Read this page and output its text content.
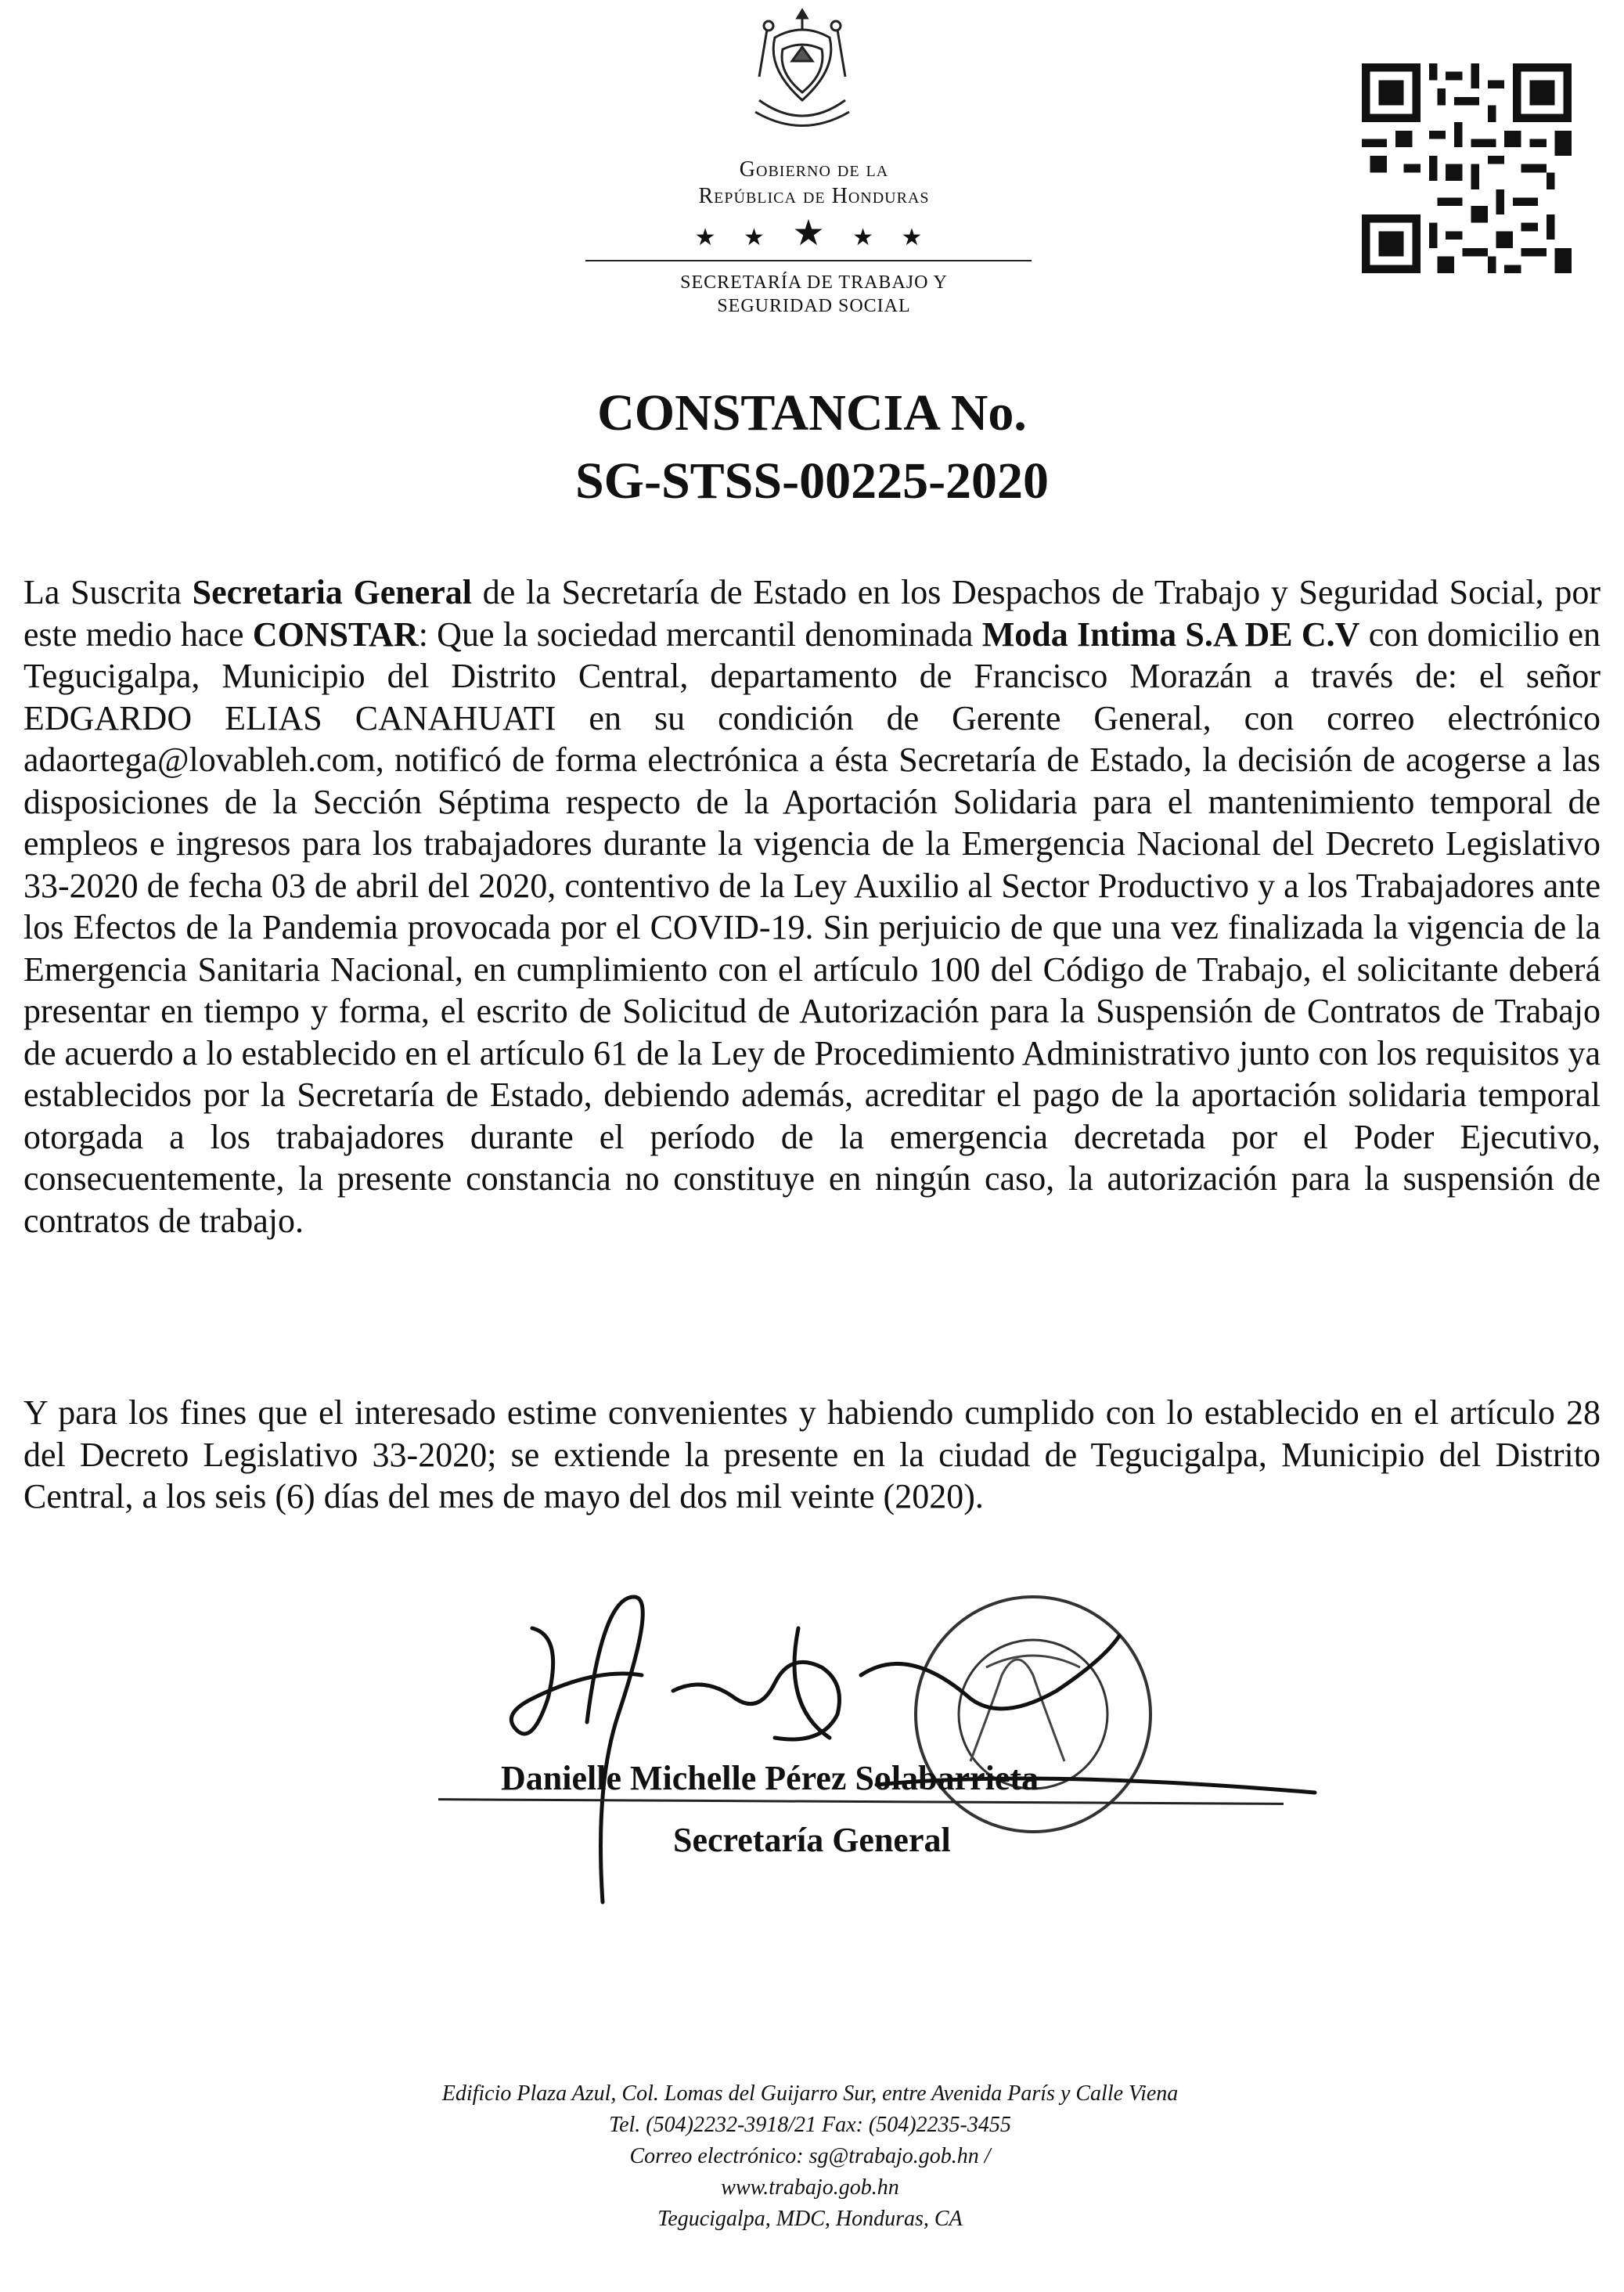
Gobierno de la
República de Honduras
★ ★ ★ ★ ★
SECRETARÍA DE TRABAJO Y
SEGURIDAD SOCIAL
CONSTANCIA No.
SG-STSS-00225-2020

La Suscrita Secretaria General de la Secretaría de Estado en los Despachos de Trabajo y Seguridad Social, por este medio hace CONSTAR: Que la sociedad mercantil denominada Moda Intima S.A DE C.V con domicilio en Tegucigalpa, Municipio del Distrito Central, departamento de Francisco Morazán a través de: el señor EDGARDO ELIAS CANAHUATI en su condición de Gerente General, con correo electrónico adaortega@lovableh.com, notificó de forma electrónica a ésta Secretaría de Estado, la decisión de acogerse a las disposiciones de la Sección Séptima respecto de la Aportación Solidaria para el mantenimiento temporal de empleos e ingresos para los trabajadores durante la vigencia de la Emergencia Nacional del Decreto Legislativo 33-2020 de fecha 03 de abril del 2020, contentivo de la Ley Auxilio al Sector Productivo y a los Trabajadores ante los Efectos de la Pandemia provocada por el COVID-19. Sin perjuicio de que una vez finalizada la vigencia de la Emergencia Sanitaria Nacional, en cumplimiento con el artículo 100 del Código de Trabajo, el solicitante deberá presentar en tiempo y forma, el escrito de Solicitud de Autorización para la Suspensión de Contratos de Trabajo de acuerdo a lo establecido en el artículo 61 de la Ley de Procedimiento Administrativo junto con los requisitos ya establecidos por la Secretaría de Estado, debiendo además, acreditar el pago de la aportación solidaria temporal otorgada a los trabajadores durante el período de la emergencia decretada por el Poder Ejecutivo, consecuentemente, la presente constancia no constituye en ningún caso, la autorización para la suspensión de contratos de trabajo.

Y para los fines que el interesado estime convenientes y habiendo cumplido con lo establecido en el artículo 28 del Decreto Legislativo 33-2020; se extiende la presente en la ciudad de Tegucigalpa, Municipio del Distrito Central, a los seis (6) días del mes de mayo del dos mil veinte (2020).

Danielle Michelle Pérez Solabarrieta
Secretaría General
Edificio Plaza Azul, Col. Lomas del Guijarro Sur, entre Avenida París y Calle Viena
Tel. (504)2232-3918/21 Fax: (504)2235-3455
Correo electrónico: sg@trabajo.gob.hn /
www.trabajo.gob.hn
Tegucigalpa, MDC, Honduras, CA
